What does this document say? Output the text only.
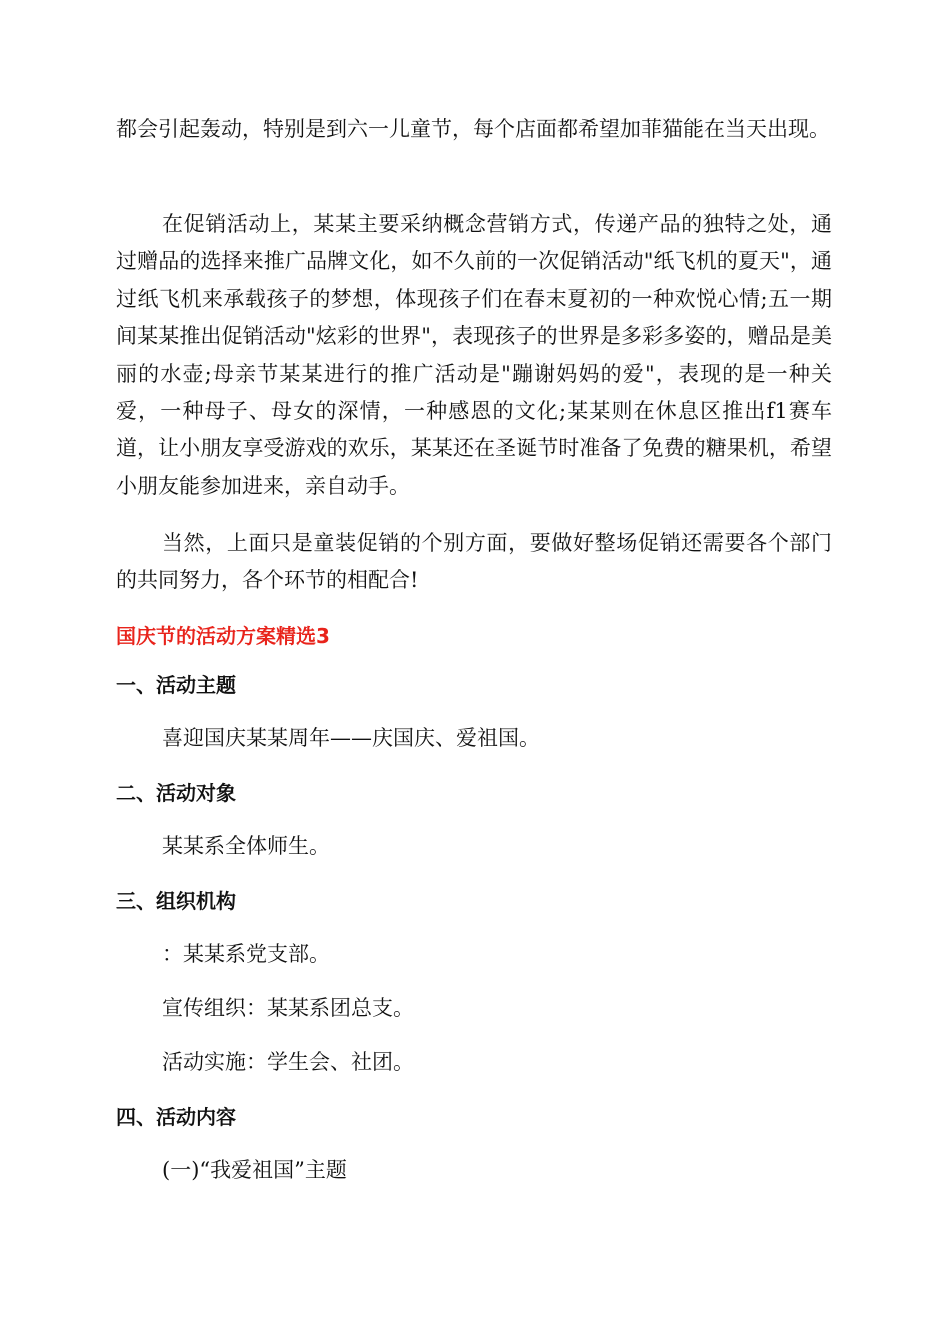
都会引起轰动，特别是到六一儿童节，每个店面都希望加菲猫能在当天出现。

在促销活动上，某某主要采纳概念营销方式，传递产品的独特之处，通过赠品的选择来推广品牌文化，如不久前的一次促销活动"纸飞机的夏天"，通过纸飞机来承载孩子的梦想，体现孩子们在春末夏初的一种欢悦心情;五一期间某某推出促销活动"炫彩的世界"，表现孩子的世界是多彩多姿的，赠品是美丽的水壶;母亲节某某进行的推广活动是"蹦谢妈妈的爱"，表现的是一种关爱，一种母子、母女的深情，一种感恩的文化;某某则在休息区推出f1赛车道，让小朋友享受游戏的欢乐，某某还在圣诞节时准备了免费的糖果机，希望小朋友能参加进来，亲自动手。

当然，上面只是童装促销的个别方面，要做好整场促销还需要各个部门的共同努力，各个环节的相配合!

国庆节的活动方案精选3
一、活动主题

喜迎国庆某某周年——庆国庆、爱祖国。

二、活动对象

某某系全体师生。

三、组织机构

：某某系党支部。

宣传组织：某某系团总支。

活动实施：学生会、社团。

四、活动内容

(一)“我爱祖国”主题
